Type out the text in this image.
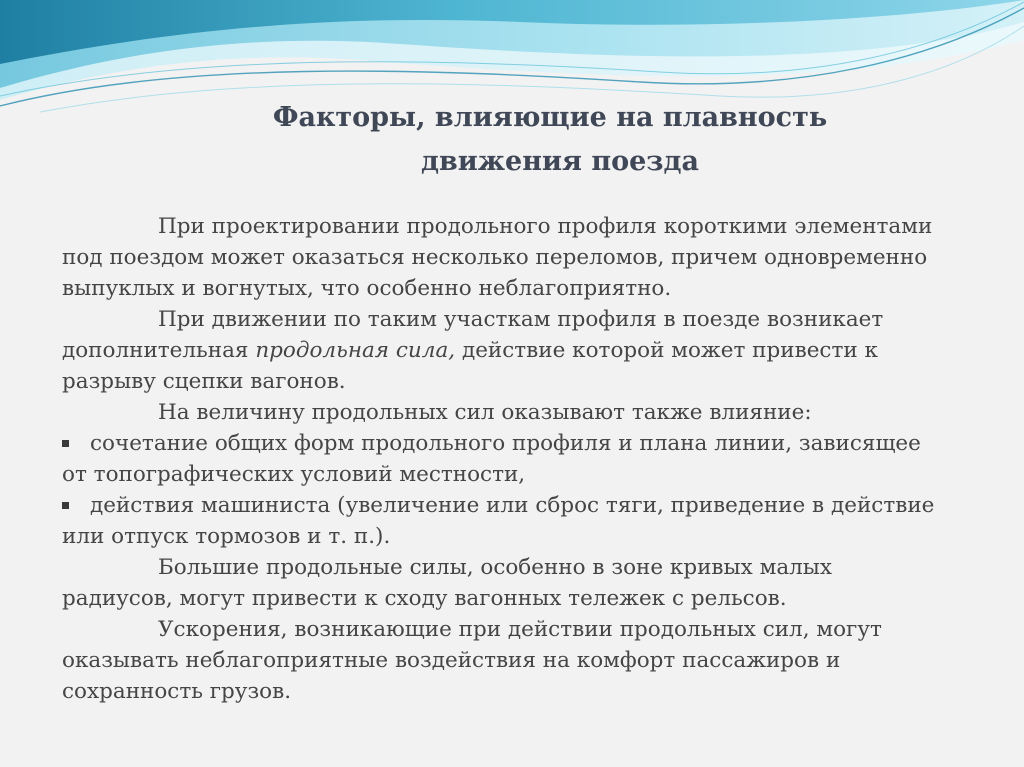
Факторы, влияющие на плавность
движения поезда

При проектировании продольного профиля короткими элементами
под поездом может оказаться несколько переломов, причем одновременно
выпуклых и вогнутых, что особенно неблагоприятно.

При движении по таким участкам профиля в поезде возникает
дополнительная продольная сила, действие которой может привести к
разрыву сцепки вагонов.

На величину продольных сил оказывают также влияние:

сочетание общих форм продольного профиля и плана линии, зависящее
от топографических условий местности,
действия машиниста (увеличение или сброс тяги, приведение в действие
или отпуск тормозов и т. п.).

Большие продольные силы, особенно в зоне кривых малых
радиусов, могут привести к сходу вагонных тележек с рельсов.

Ускорения, возникающие при действии продольных сил, могут
оказывать неблагоприятные воздействия на комфорт пассажиров и
сохранность грузов.
